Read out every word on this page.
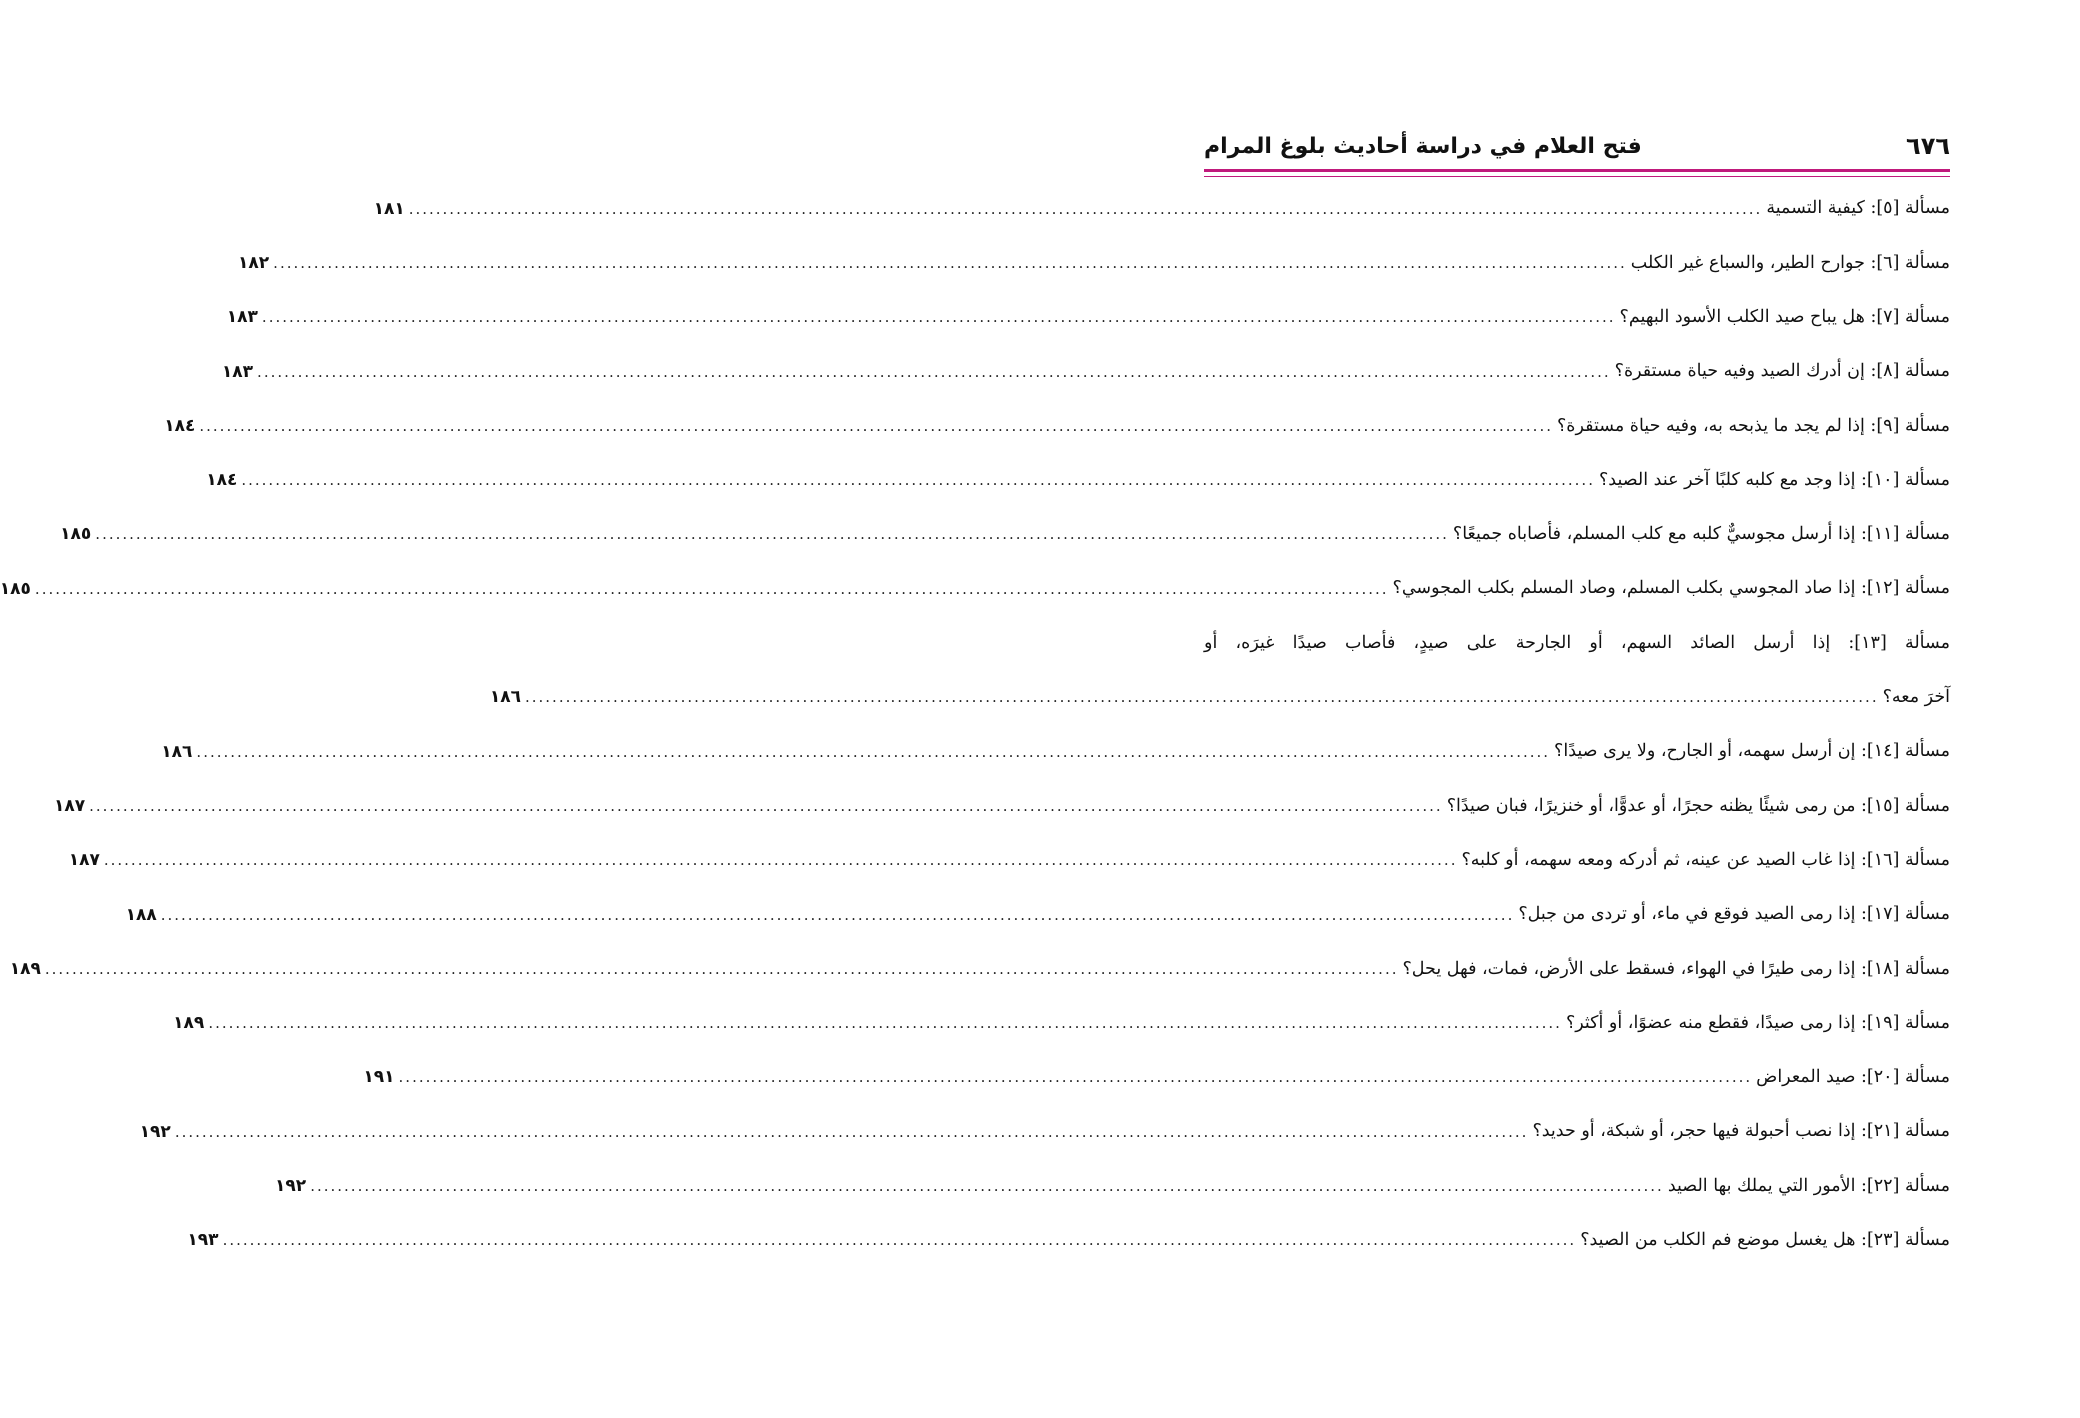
٦٧٦
فتح العلام في دراسة أحاديث بلوغ المرام
مسألة [٥]: كيفية التسمية
........................................................................................................................................................................................................
١٨١
مسألة [٦]: جوارح الطير، والسباع غير الكلب
........................................................................................................................................................................................................
١٨٢
مسألة [٧]: هل يباح صيد الكلب الأسود البهيم؟
........................................................................................................................................................................................................
١٨٣
مسألة [٨]: إن أدرك الصيد وفيه حياة مستقرة؟
........................................................................................................................................................................................................
١٨٣
مسألة [٩]: إذا لم يجد ما يذبحه به، وفيه حياة مستقرة؟
........................................................................................................................................................................................................
١٨٤
مسألة [١٠]: إذا وجد مع كلبه كلبًا آخر عند الصيد؟
........................................................................................................................................................................................................
١٨٤
مسألة [١١]: إذا أرسل مجوسيٌّ كلبه مع كلب المسلم، فأصاباه جميعًا؟
........................................................................................................................................................................................................
١٨٥
مسألة [١٢]: إذا صاد المجوسي بكلب المسلم، وصاد المسلم بكلب المجوسي؟
........................................................................................................................................................................................................
١٨٥
مسألة [١٣]: إذا أرسل الصائد السهم، أو الجارحة على صيدٍ، فأصاب صيدًا غيرَه، أو
آخرَ معه؟
........................................................................................................................................................................................................
١٨٦
مسألة [١٤]: إن أرسل سهمه، أو الجارح، ولا يرى صيدًا؟
........................................................................................................................................................................................................
١٨٦
مسألة [١٥]: من رمى شيئًا يظنه حجرًا، أو عدوًّا، أو خنزيرًا، فبان صيدًا؟
........................................................................................................................................................................................................
١٨٧
مسألة [١٦]: إذا غاب الصيد عن عينه، ثم أدركه ومعه سهمه، أو كلبه؟
........................................................................................................................................................................................................
١٨٧
مسألة [١٧]: إذا رمى الصيد فوقع في ماء، أو تردى من جبل؟
........................................................................................................................................................................................................
١٨٨
مسألة [١٨]: إذا رمى طيرًا في الهواء، فسقط على الأرض، فمات، فهل يحل؟
........................................................................................................................................................................................................
١٨٩
مسألة [١٩]: إذا رمى صيدًا، فقطع منه عضوًا، أو أكثر؟
........................................................................................................................................................................................................
١٨٩
مسألة [٢٠]: صيد المعراض
........................................................................................................................................................................................................
١٩١
مسألة [٢١]: إذا نصب أحبولة فيها حجر، أو شبكة، أو حديد؟
........................................................................................................................................................................................................
١٩٢
مسألة [٢٢]: الأمور التي يملك بها الصيد
........................................................................................................................................................................................................
١٩٢
مسألة [٢٣]: هل يغسل موضع فم الكلب من الصيد؟
........................................................................................................................................................................................................
١٩٣
